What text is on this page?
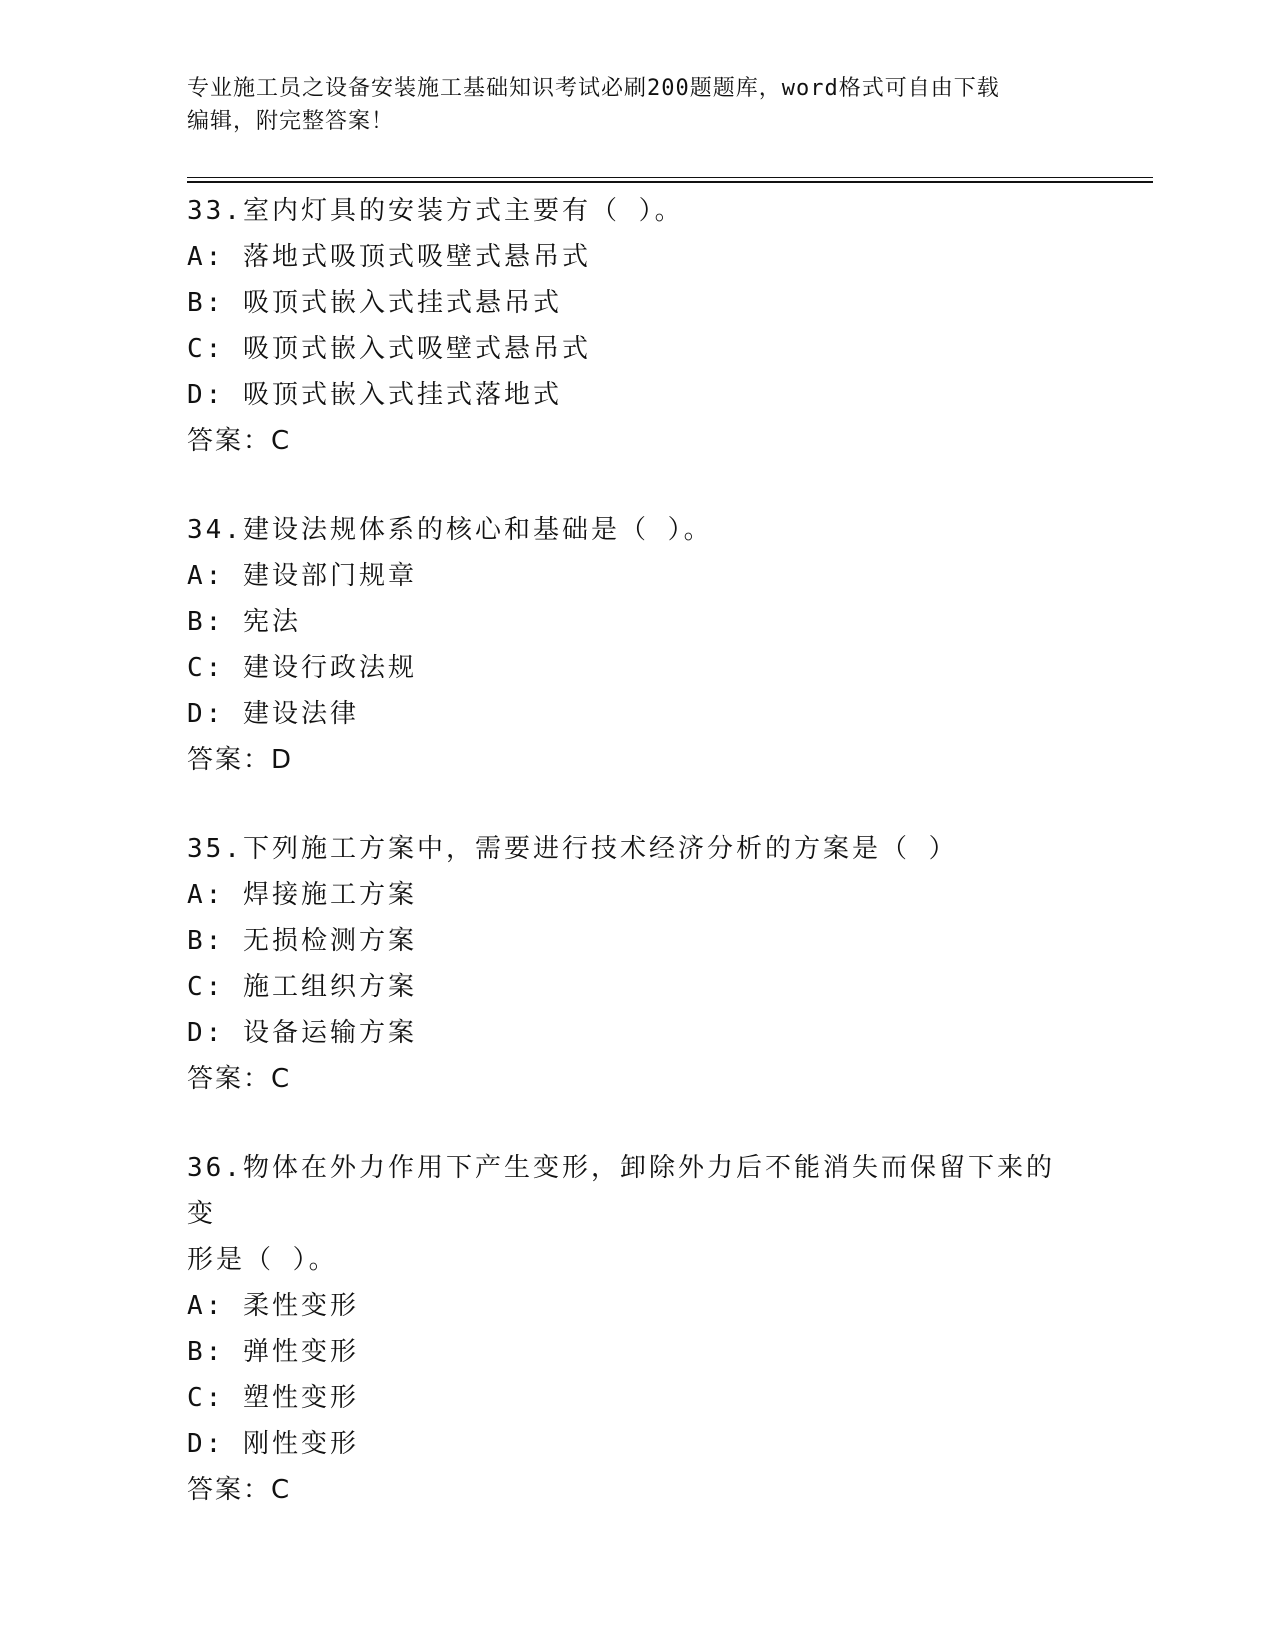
专业施工员之设备安装施工基础知识考试必刷200题题库，word格式可自由下载
编辑，附完整答案！
33.室内灯具的安装方式主要有（ ）。
A: 落地式吸顶式吸壁式悬吊式
B: 吸顶式嵌入式挂式悬吊式
C: 吸顶式嵌入式吸壁式悬吊式
D: 吸顶式嵌入式挂式落地式
答案：C
34.建设法规体系的核心和基础是（ ）。
A: 建设部门规章
B: 宪法
C: 建设行政法规
D: 建设法律
答案：D
35.下列施工方案中，需要进行技术经济分析的方案是（ ）
A: 焊接施工方案
B: 无损检测方案
C: 施工组织方案
D: 设备运输方案
答案：C
36.物体在外力作用下产生变形，卸除外力后不能消失而保留下来的变
形是（ ）。
A: 柔性变形
B: 弹性变形
C: 塑性变形
D: 刚性变形
答案：C
